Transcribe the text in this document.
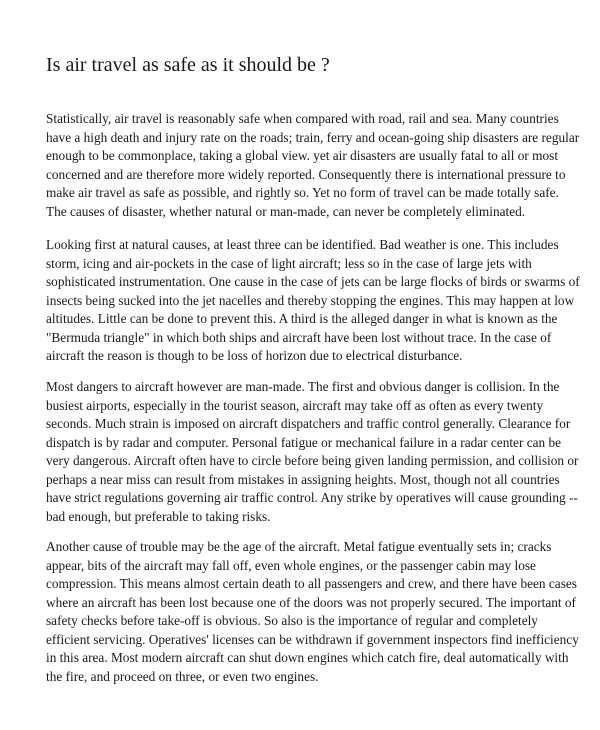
Is air travel as safe as it should be ?

Statistically, air travel is reasonably safe when compared with road, rail and sea. Many countries
have a high death and injury rate on the roads; train, ferry and ocean-going ship disasters are regular
enough to be commonplace, taking a global view. yet air disasters are usually fatal to all or most
concerned and are therefore more widely reported. Consequently there is international pressure to
make air travel as safe as possible, and rightly so. Yet no form of travel can be made totally safe.
The causes of disaster, whether natural or man-made, can never be completely eliminated.

Looking first at natural causes, at least three can be identified. Bad weather is one. This includes
storm, icing and air-pockets in the case of light aircraft; less so in the case of large jets with
sophisticated instrumentation. One cause in the case of jets can be large flocks of birds or swarms of
insects being sucked into the jet nacelles and thereby stopping the engines. This may happen at low
altitudes. Little can be done to prevent this. A third is the alleged danger in what is known as the
"Bermuda triangle" in which both ships and aircraft have been lost without trace. In the case of
aircraft the reason is though to be loss of horizon due to electrical disturbance.

Most dangers to aircraft however are man-made. The first and obvious danger is collision. In the
busiest airports, especially in the tourist season, aircraft may take off as often as every twenty
seconds. Much strain is imposed on aircraft dispatchers and traffic control generally. Clearance for
dispatch is by radar and computer. Personal fatigue or mechanical failure in a radar center can be
very dangerous. Aircraft often have to circle before being given landing permission, and collision or
perhaps a near miss can result from mistakes in assigning heights. Most, though not all countries
have strict regulations governing air traffic control. Any strike by operatives will cause grounding --
bad enough, but preferable to taking risks.

Another cause of trouble may be the age of the aircraft. Metal fatigue eventually sets in; cracks
appear, bits of the aircraft may fall off, even whole engines, or the passenger cabin may lose
compression. This means almost certain death to all passengers and crew, and there have been cases
where an aircraft has been lost because one of the doors was not properly secured. The important of
safety checks before take-off is obvious. So also is the importance of regular and completely
efficient servicing. Operatives' licenses can be withdrawn if government inspectors find inefficiency
in this area. Most modern aircraft can shut down engines which catch fire, deal automatically with
the fire, and proceed on three, or even two engines.
